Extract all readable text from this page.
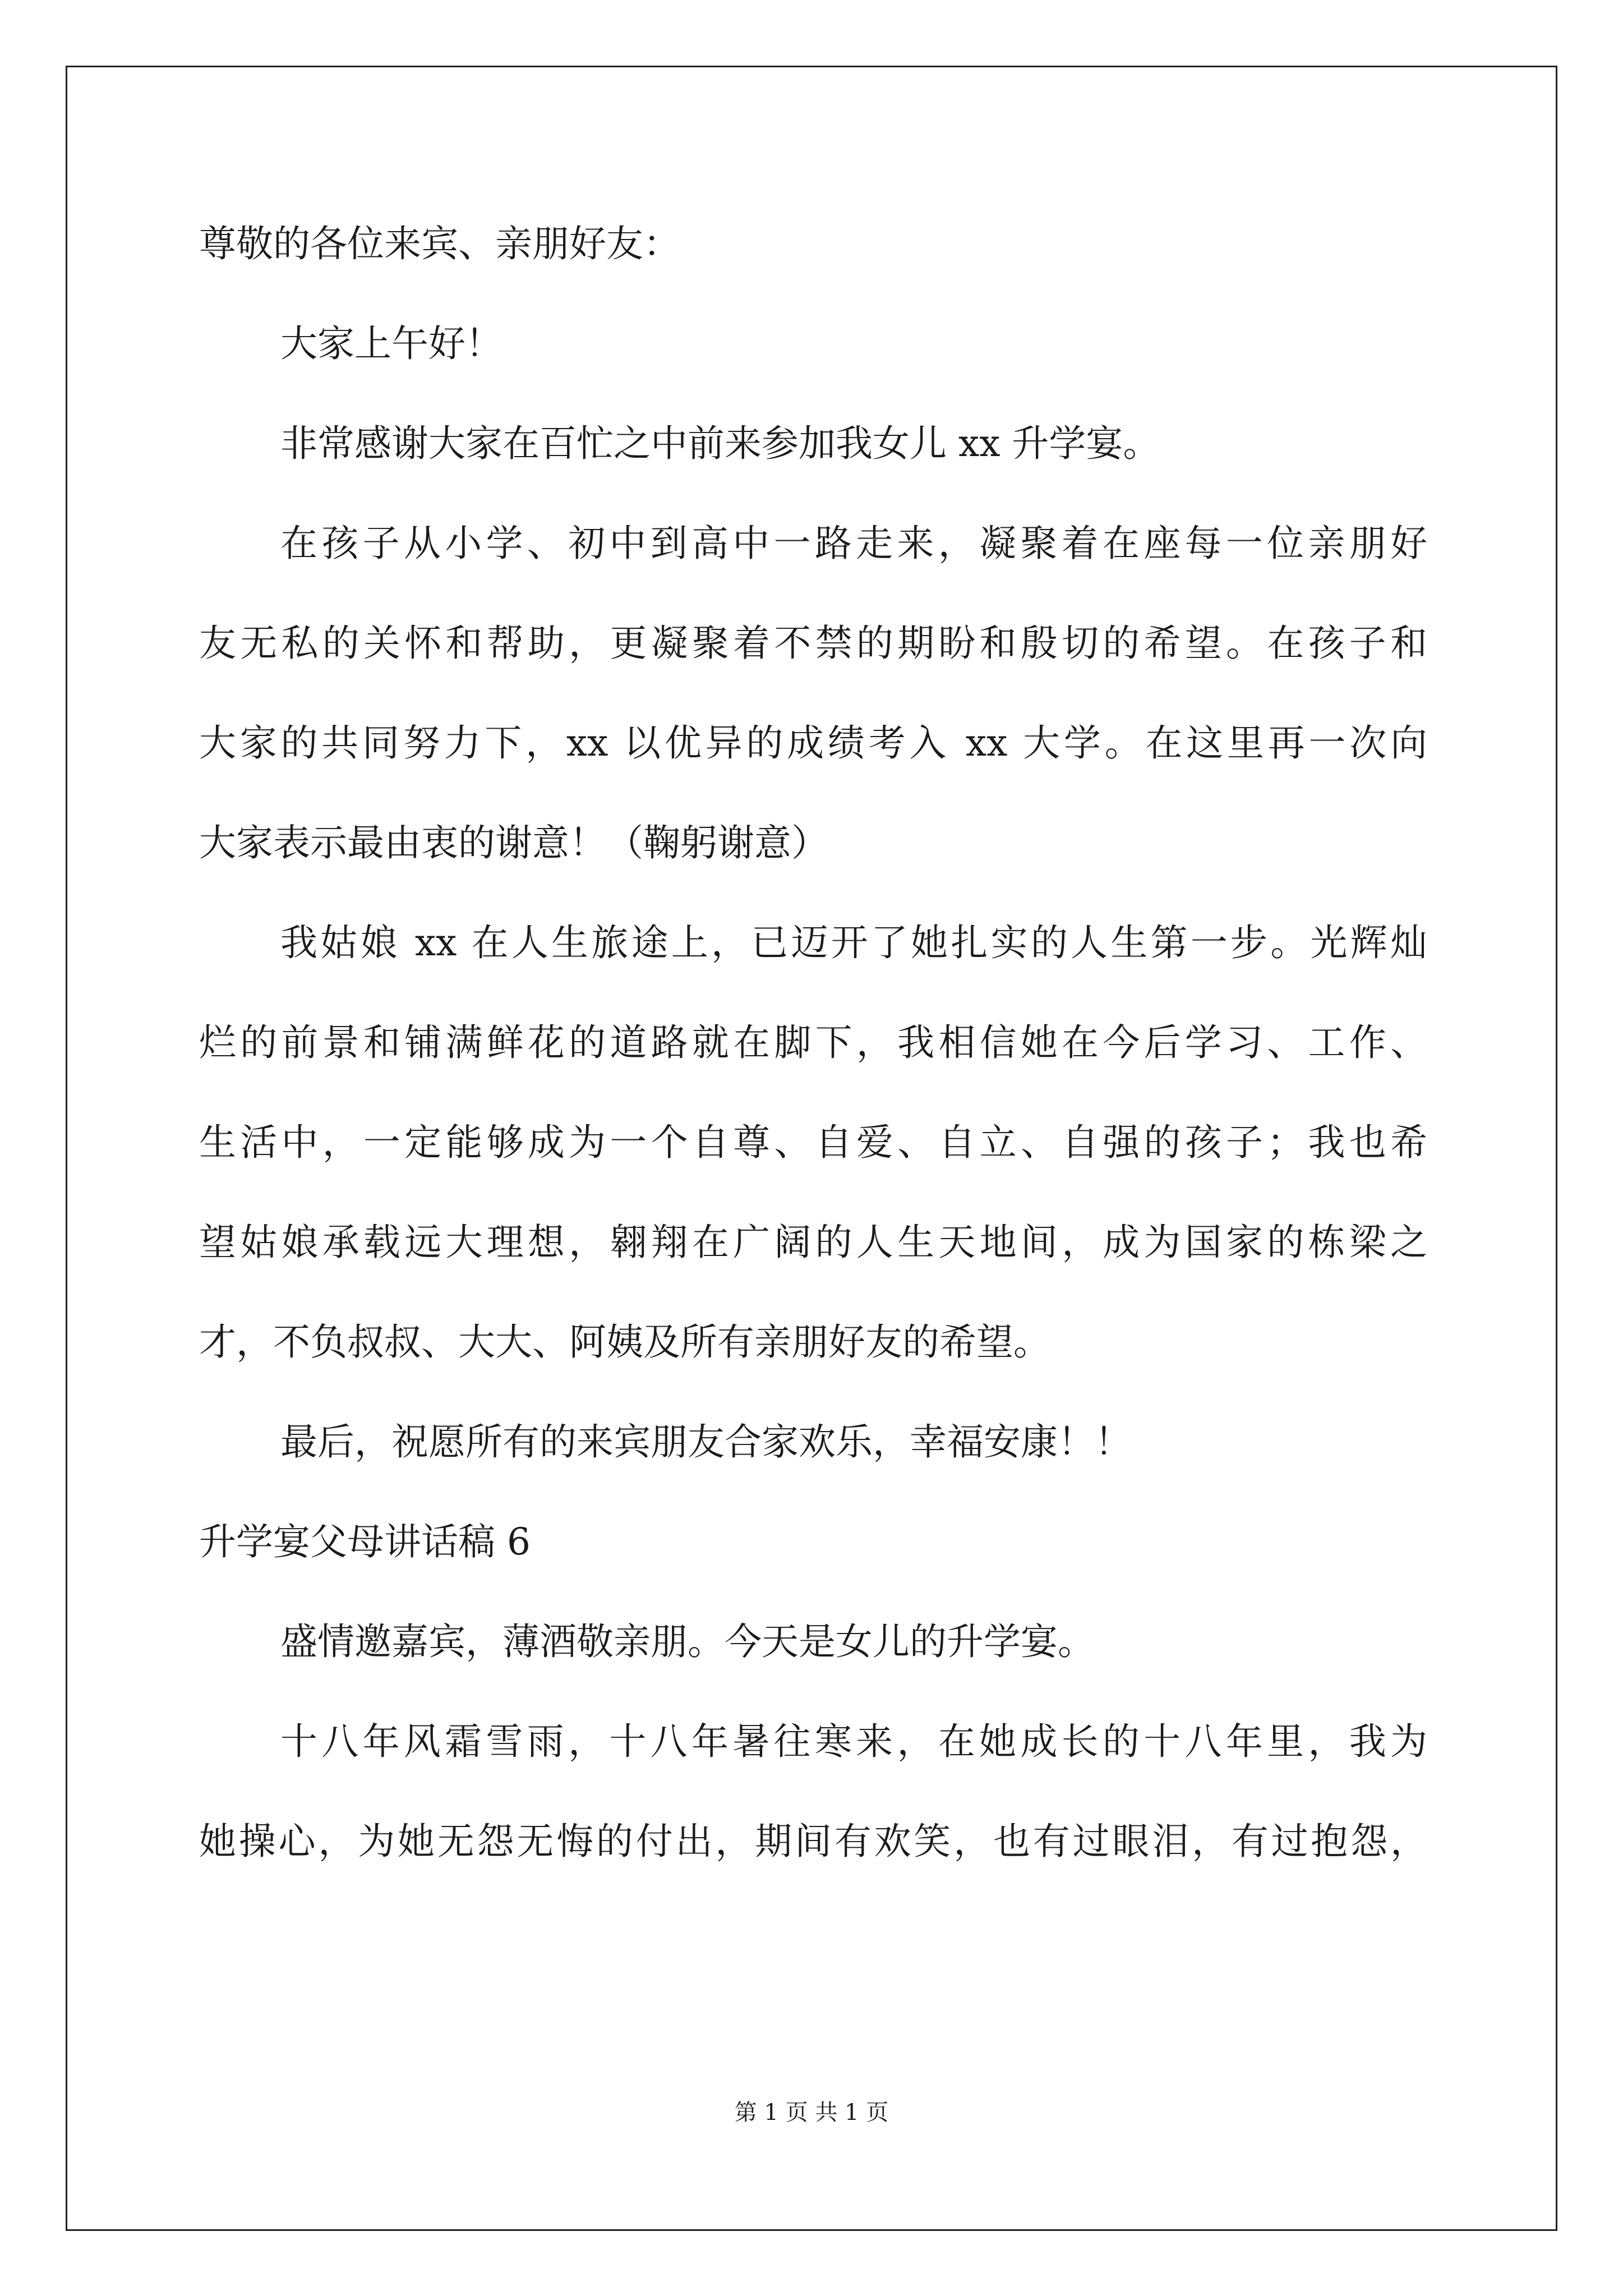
尊敬的各位来宾、亲朋好友：
大家上午好！
非常感谢大家在百忙之中前来参加我女儿 xx 升学宴。
在孩子从小学、初中到高中一路走来，凝聚着在座每一位亲朋好
友无私的关怀和帮助，更凝聚着不禁的期盼和殷切的希望。在孩子和
大家的共同努力下，xx 以优异的成绩考入 xx 大学。在这里再一次向
大家表示最由衷的谢意！（鞠躬谢意）
我姑娘 xx 在人生旅途上，已迈开了她扎实的人生第一步。光辉灿
烂的前景和铺满鲜花的道路就在脚下，我相信她在今后学习、工作、
生活中，一定能够成为一个自尊、自爱、自立、自强的孩子；我也希
望姑娘承载远大理想，翱翔在广阔的人生天地间，成为国家的栋梁之
才，不负叔叔、大大、阿姨及所有亲朋好友的希望。
最后，祝愿所有的来宾朋友合家欢乐，幸福安康！！
升学宴父母讲话稿 6
盛情邀嘉宾，薄酒敬亲朋。今天是女儿的升学宴。
十八年风霜雪雨，十八年暑往寒来，在她成长的十八年里，我为
她操心，为她无怨无悔的付出，期间有欢笑，也有过眼泪，有过抱怨，
第 1 页 共 1 页
